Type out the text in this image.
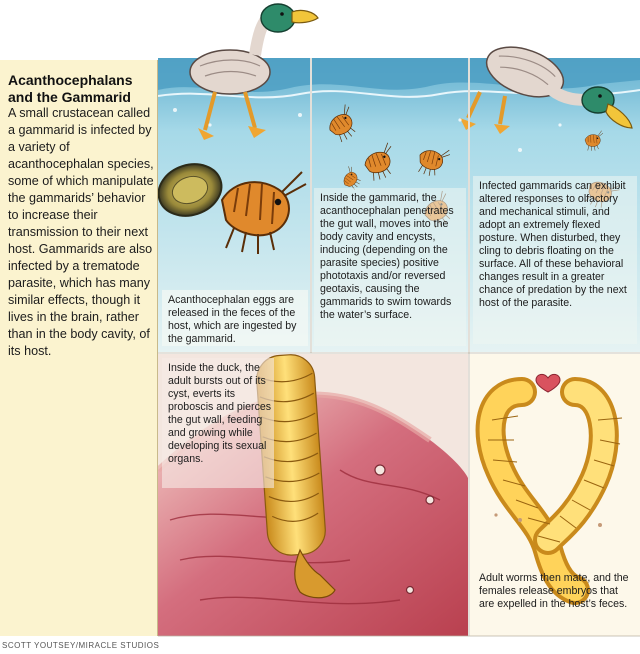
Acanthocephalans and the Gammarid

A small crustacean called a gammarid is infected by a variety of acanthocephalan species, some of which manipulate the gammarids’ behavior to increase their transmission to their next host. Gammarids are also infected by a trematode parasite, which has many similar effects, though it lives in the brain, rather than in the body cavity, of its host.

Acanthocephalan eggs are released in the feces of the host, which are ingested by the gammarid.

Inside the gammarid, the acanthocephalan penetrates the gut wall, moves into the body cavity and encysts, inducing (depending on the parasite species) positive phototaxis and/or reversed geotaxis, causing the gammarids to swim towards the water’s surface.

Infected gammarids can exhibit altered responses to olfactory and mechanical stimuli, and adopt an extremely flexed posture. When disturbed, they cling to debris floating on the surface. All of these behavioral changes result in a greater chance of predation by the next host of the parasite.

Inside the duck, the adult bursts out of its cyst, everts its proboscis and pierces the gut wall, feeding and growing while developing its sexual organs.

Adult worms then mate, and the females release embryos that are expelled in the host’s feces.

SCOTT YOUTSEY/MIRACLE STUDIOS
